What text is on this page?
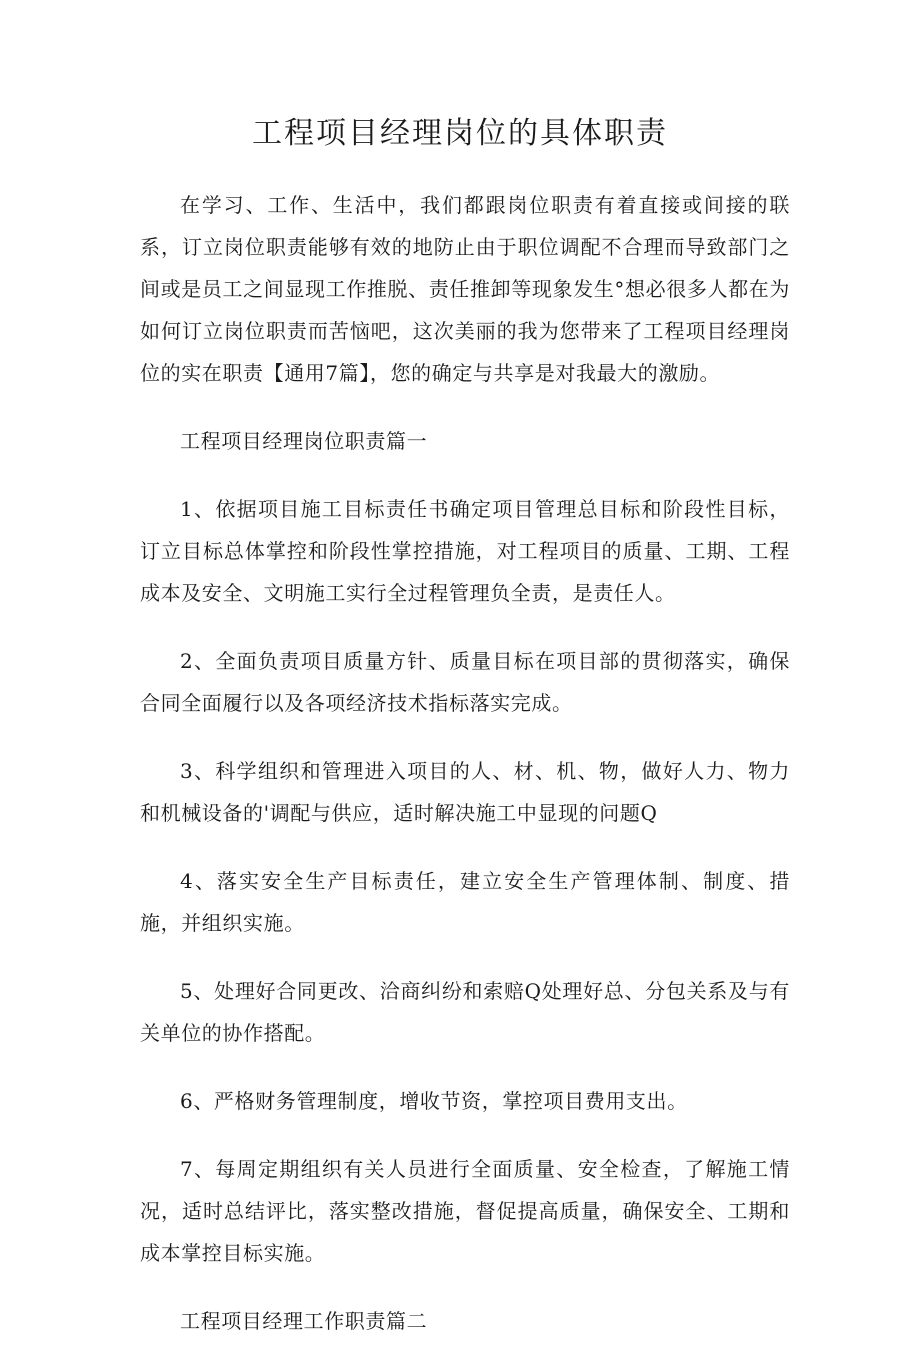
工程项目经理岗位的具体职责

在学习、工作、生活中，我们都跟岗位职责有着直接或间接的联系，订立岗位职责能够有效的地防止由于职位调配不合理而导致部门之间或是员工之间显现工作推脱、责任推卸等现象发生°想必很多人都在为如何订立岗位职责而苦恼吧，这次美丽的我为您带来了工程项目经理岗位的实在职责【通用7篇】，您的确定与共享是对我最大的激励。

工程项目经理岗位职责篇一

1、依据项目施工目标责任书确定项目管理总目标和阶段性目标，订立目标总体掌控和阶段性掌控措施，对工程项目的质量、工期、工程成本及安全、文明施工实行全过程管理负全责，是责任人。

2、全面负责项目质量方针、质量目标在项目部的贯彻落实，确保合同全面履行以及各项经济技术指标落实完成。

3、科学组织和管理进入项目的人、材、机、物，做好人力、物力和机械设备的'调配与供应，适时解决施工中显现的问题Q

4、落实安全生产目标责任，建立安全生产管理体制、制度、措施，并组织实施。

5、处理好合同更改、洽商纠纷和索赔Q处理好总、分包关系及与有关单位的协作搭配。

6、严格财务管理制度，增收节资，掌控项目费用支出。

7、每周定期组织有关人员进行全面质量、安全检查，了解施工情况，适时总结评比，落实整改措施，督促提高质量，确保安全、工期和成本掌控目标实施。

工程项目经理工作职责篇二
